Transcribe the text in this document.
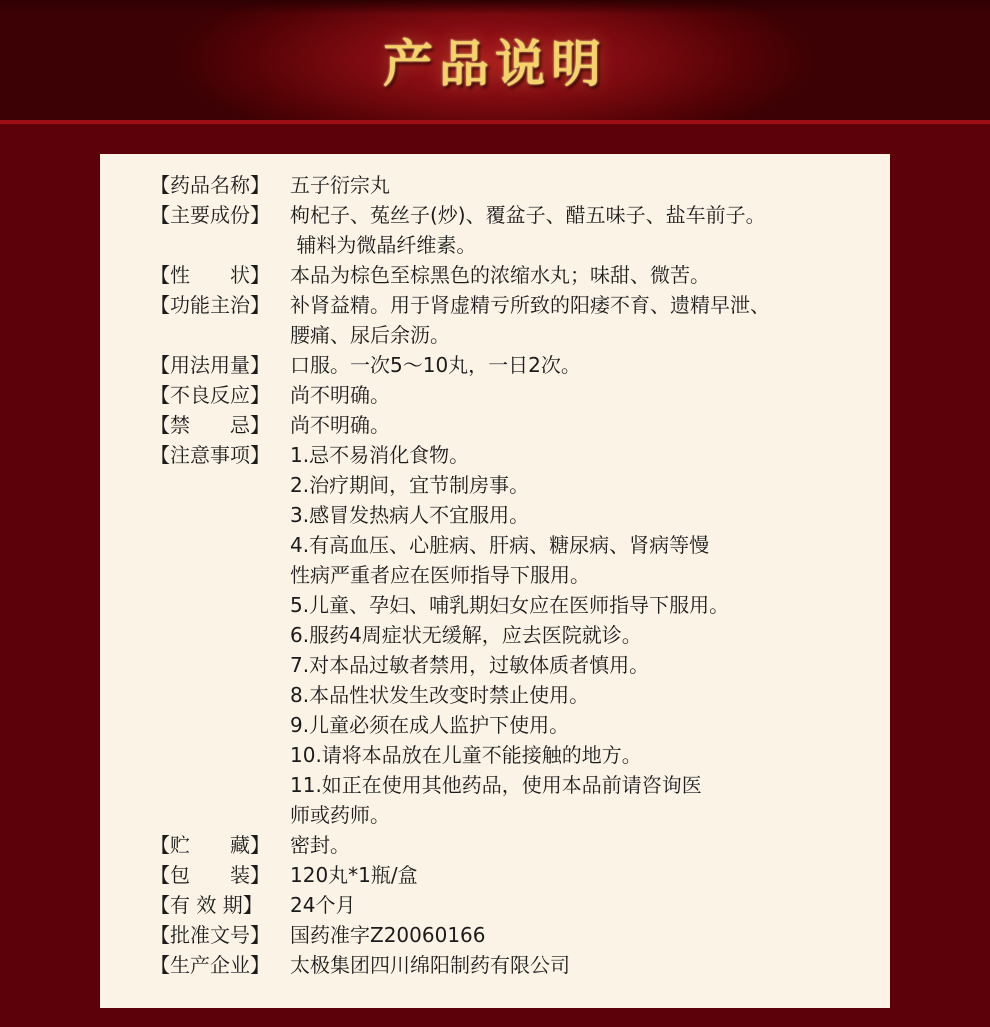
产品说明
【药品名称】	五子衍宗丸
【主要成份】	枸杞子、菟丝子(炒)、覆盆子、醋五味子、盐车前子。
辅料为微晶纤维素。
【性　　状】	本品为棕色至棕黑色的浓缩水丸；味甜、微苦。
【功能主治】	补肾益精。用于肾虚精亏所致的阳痿不育、遗精早泄、
腰痛、尿后余沥。
【用法用量】	口服。一次5～10丸，一日2次。
【不良反应】	尚不明确。
【禁　　忌】	尚不明确。
【注意事项】	1.忌不易消化食物。
2.治疗期间，宜节制房事。
3.感冒发热病人不宜服用。
4.有高血压、心脏病、肝病、糖尿病、肾病等慢
性病严重者应在医师指导下服用。
5.儿童、孕妇、哺乳期妇女应在医师指导下服用。
6.服药4周症状无缓解，应去医院就诊。
7.对本品过敏者禁用，过敏体质者慎用。
8.本品性状发生改变时禁止使用。
9.儿童必须在成人监护下使用。
10.请将本品放在儿童不能接触的地方。
11.如正在使用其他药品，使用本品前请咨询医
师或药师。
【贮　　藏】	密封。
【包　　装】	120丸*1瓶/盒
【有 效 期】	24个月
【批准文号】	国药准字Z20060166
【生产企业】	太极集团四川绵阳制药有限公司
